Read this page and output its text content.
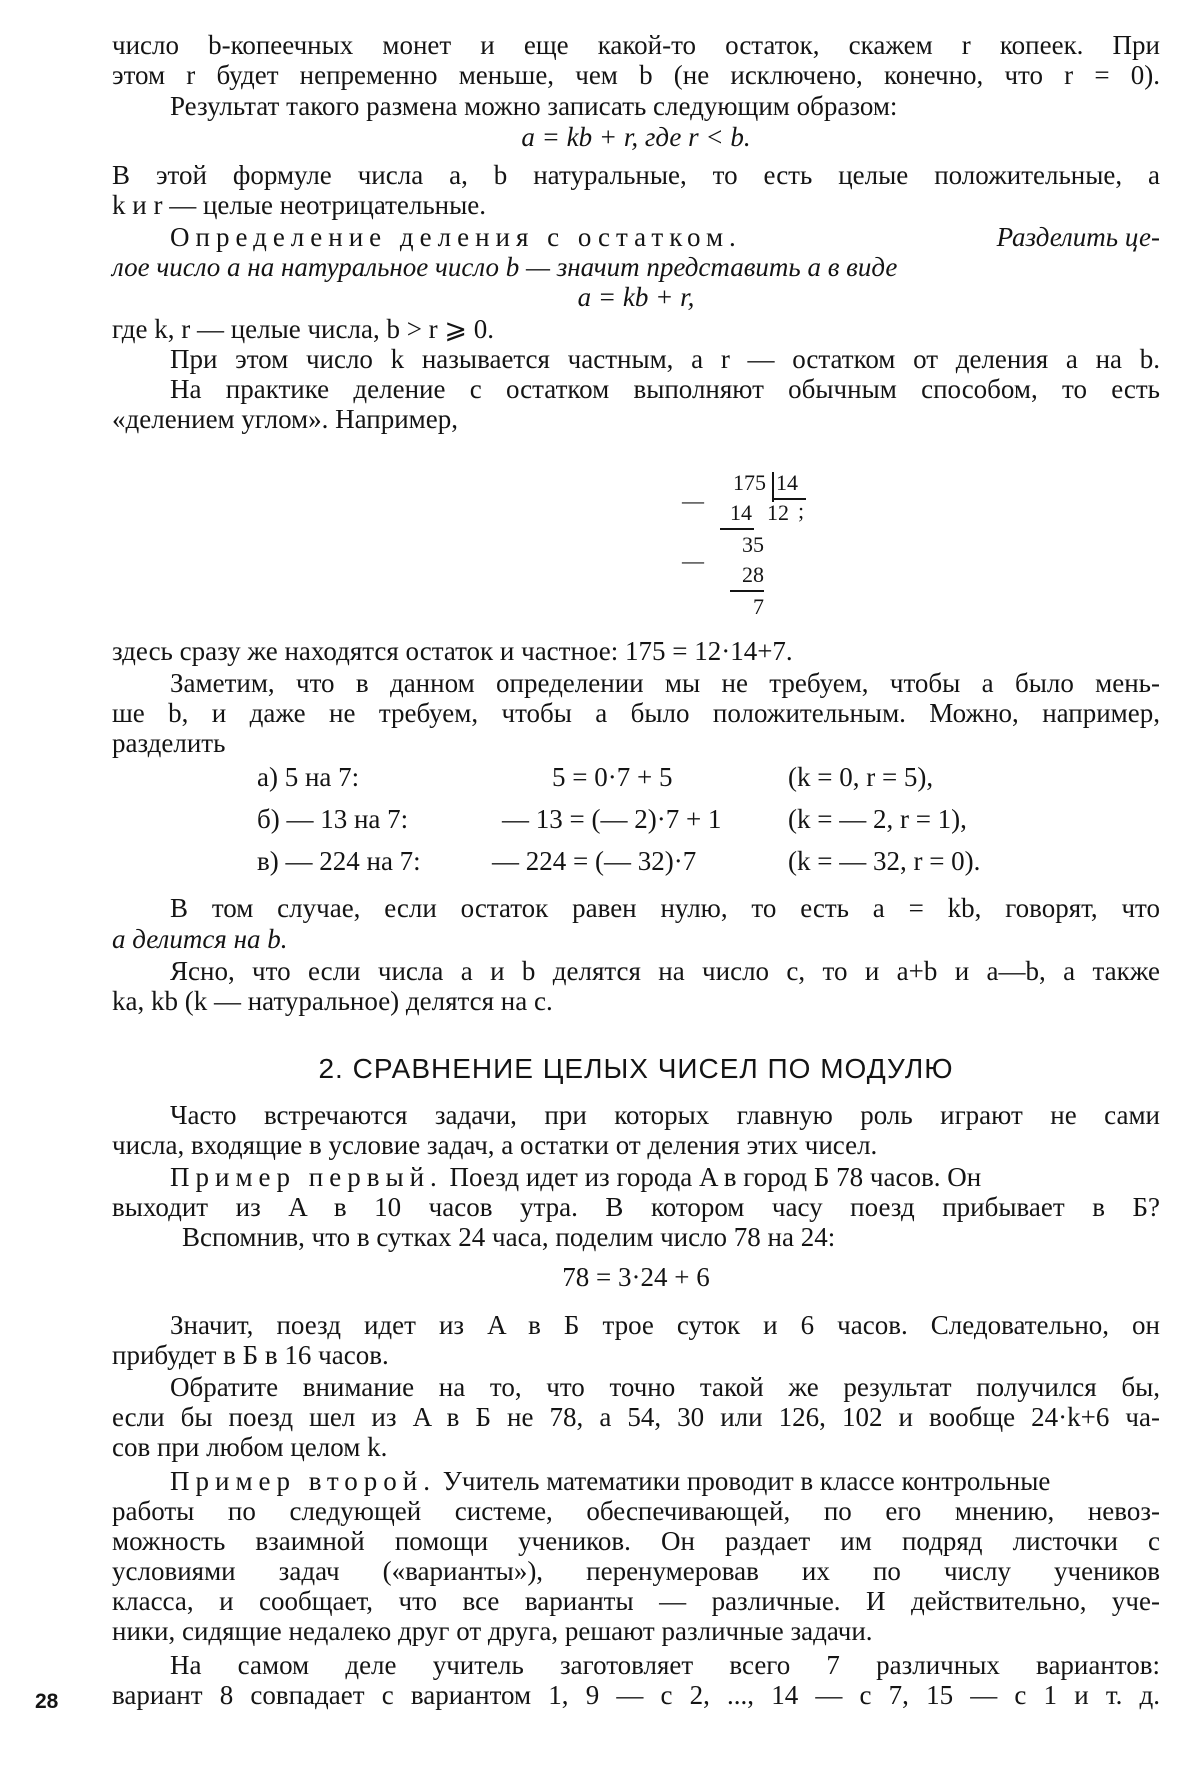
число b-копеечных монет и еще какой-то остаток, скажем r копеек. При
этом r будет непременно меньше, чем b (не исключено, конечно, что r = 0).
Результат такого размена можно записать следующим образом:
a = kb + r, где r < b.
В этой формуле числа a, b натуральные, то есть целые положительные, а
k и r — целые неотрицательные.
Определение деления с остатком.	Разделить це-
лое число a на натуральное число b — значит представить a в виде
a = kb + r,
где k, r — целые числа, b > r ⩾ 0.
При этом число k называется частным, а r — остатком от деления a на b.
На практике деление с остатком выполняют обычным способом, то есть
«делением углом». Например,
175 14
12 ;
—	14
35
—
28
7
здесь сразу же находятся остаток и частное: 175 = 12·14+7.
Заметим, что в данном определении мы не требуем, чтобы a было мень-
ше b, и даже не требуем, чтобы a было положительным. Можно, например,
разделить
а) 5 на 7:	5 = 0·7 + 5	(k = 0, r = 5),
б) — 13 на 7:	— 13 = (— 2)·7 + 1 (k = — 2, r = 1),
в) — 224 на 7:	— 224 = (— 32)·7	(k = — 32, r = 0).
В том случае, если остаток равен нулю, то есть a = kb, говорят, что
a делится на b.
Ясно, что если числа a и b делятся на число c, то и a+b и a—b, а также
ka, kb (k — натуральное) делятся на c.
2. СРАВНЕНИЕ ЦЕЛЫХ ЧИСЕЛ ПО МОДУЛЮ
Часто встречаются задачи, при которых главную роль играют не сами
числа, входящие в условие задач, а остатки от деления этих чисел.
Пример первый. Поезд идет из города A в город Б 78 часов. Он
выходит из A в 10 часов утра. В котором часу поезд прибывает в Б?
Вспомнив, что в сутках 24 часа, поделим число 78 на 24:
78 = 3·24 + 6
Значит, поезд идет из A в Б трое суток и 6 часов. Следовательно, он
прибудет в Б в 16 часов.
Обратите внимание на то, что точно такой же результат получился бы,
если бы поезд шел из A в Б не 78, а 54, 30 или 126, 102 и вообще 24·k+6 ча-
сов при любом целом k.
Пример второй. Учитель математики проводит в классе контрольные
работы по следующей системе, обеспечивающей, по его мнению, невоз-
можность взаимной помощи учеников. Он раздает им подряд листочки с
условиями задач («варианты»), перенумеровав их по числу учеников
класса, и сообщает, что все варианты — различные. И действительно, уче-
ники, сидящие недалеко друг от друга, решают различные задачи.
На самом деле учитель заготовляет всего 7 различных вариантов:
вариант 8 совпадает с вариантом 1, 9 — с 2, ..., 14 — с 7, 15 — с 1 и т. д.
28
